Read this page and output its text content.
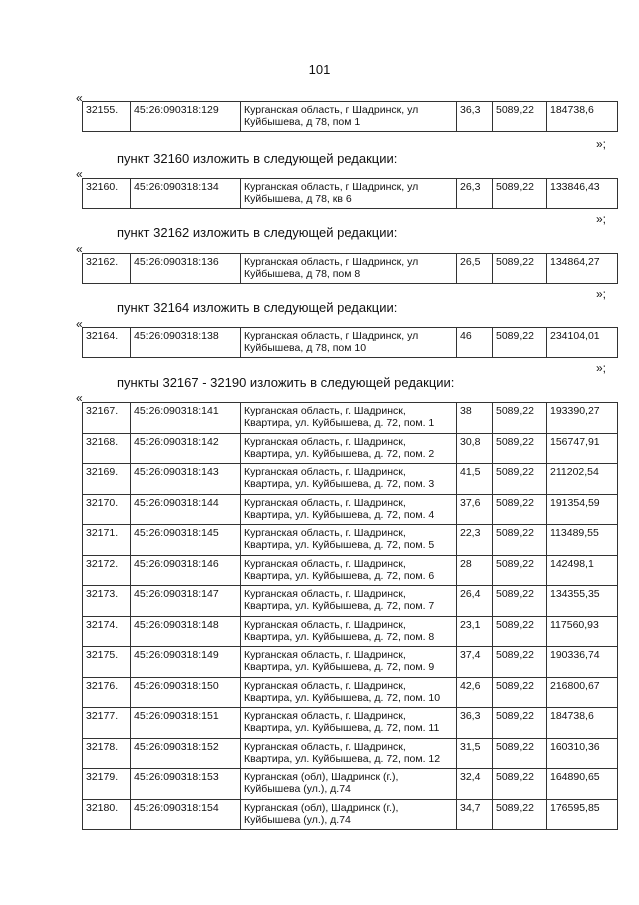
101
«
32155.	45:26:090318:129	Курганская область, г Шадринск, ул Куйбышева, д 78, пом 1	36,3	5089,22	184738,6
»;
пункт 32160 изложить в следующей редакции:
«
32160.	45:26:090318:134	Курганская область, г Шадринск, ул Куйбышева, д 78, кв 6	26,3	5089,22	133846,43
»;
пункт 32162 изложить в следующей редакции:
«
32162.	45:26:090318:136	Курганская область, г Шадринск, ул Куйбышева, д 78, пом 8	26,5	5089,22	134864,27
»;
пункт 32164 изложить в следующей редакции:
«
32164.	45:26:090318:138	Курганская область, г Шадринск, ул Куйбышева, д 78, пом 10	46	5089,22	234104,01
»;
пункты 32167 - 32190 изложить в следующей редакции:
«
32167.	45:26:090318:141	Курганская область, г. Шадринск, Квартира, ул. Куйбышева, д. 72, пом. 1	38	5089,22	193390,27
32168.	45:26:090318:142	Курганская область, г. Шадринск, Квартира, ул. Куйбышева, д. 72, пом. 2	30,8	5089,22	156747,91
32169.	45:26:090318:143	Курганская область, г. Шадринск, Квартира, ул. Куйбышева, д. 72, пом. 3	41,5	5089,22	211202,54
32170.	45:26:090318:144	Курганская область, г. Шадринск, Квартира, ул. Куйбышева, д. 72, пом. 4	37,6	5089,22	191354,59
32171.	45:26:090318:145	Курганская область, г. Шадринск, Квартира, ул. Куйбышева, д. 72, пом. 5	22,3	5089,22	113489,55
32172.	45:26:090318:146	Курганская область, г. Шадринск, Квартира, ул. Куйбышева, д. 72, пом. 6	28	5089,22	142498,1
32173.	45:26:090318:147	Курганская область, г. Шадринск, Квартира, ул. Куйбышева, д. 72, пом. 7	26,4	5089,22	134355,35
32174.	45:26:090318:148	Курганская область, г. Шадринск, Квартира, ул. Куйбышева, д. 72, пом. 8	23,1	5089,22	117560,93
32175.	45:26:090318:149	Курганская область, г. Шадринск, Квартира, ул. Куйбышева, д. 72, пом. 9	37,4	5089,22	190336,74
32176.	45:26:090318:150	Курганская область, г. Шадринск, Квартира, ул. Куйбышева, д. 72, пом. 10	42,6	5089,22	216800,67
32177.	45:26:090318:151	Курганская область, г. Шадринск, Квартира, ул. Куйбышева, д. 72, пом. 11	36,3	5089,22	184738,6
32178.	45:26:090318:152	Курганская область, г. Шадринск, Квартира, ул. Куйбышева, д. 72, пом. 12	31,5	5089,22	160310,36
32179.	45:26:090318:153	Курганская (обл), Шадринск (г.), Куйбышева (ул.), д.74	32,4	5089,22	164890,65
32180.	45:26:090318:154	Курганская (обл), Шадринск (г.), Куйбышева (ул.), д.74	34,7	5089,22	176595,85
